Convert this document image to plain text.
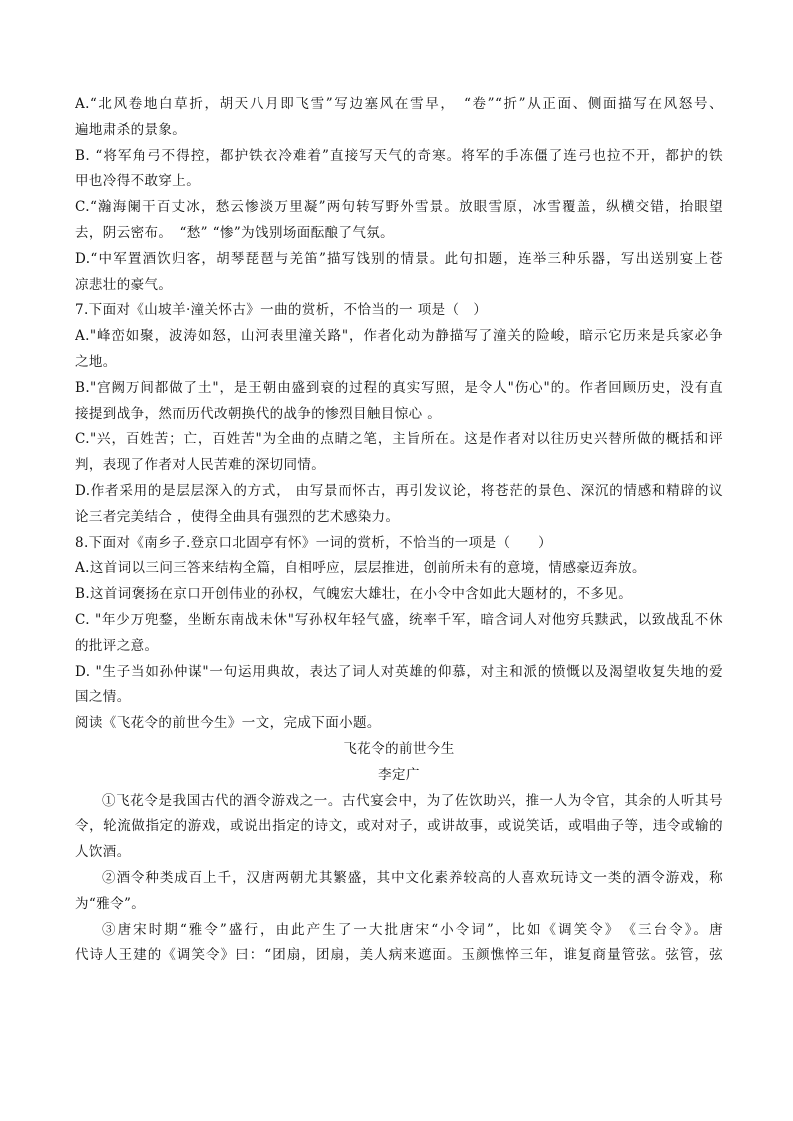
A.“北风卷地白草折，胡天八月即飞雪”写边塞风在雪早，　“卷”“折”从正面、侧面描写在风怒号、
遍地肃杀的景象。
B. “将军角弓不得控，都护铁衣冷难着”直接写天气的奇寒。将军的手冻僵了连弓也拉不开，都护的铁
甲也冷得不敢穿上。
C.“瀚海阑干百丈冰，愁云惨淡万里凝”两句转写野外雪景。放眼雪原，冰雪覆盖，纵横交错，抬眼望
去，阴云密布。　“愁” “惨”为饯别场面酝酿了气氛。
D.“中军置酒饮归客，胡琴琵琶与羌笛”描写饯别的情景。此句扣题，连举三种乐器，写出送别宴上苍
凉悲壮的豪气。
7.下面对《山坡羊·潼关怀古》一曲的赏析，不恰当的一 项是（　）
A."峰峦如聚，波涛如怒，山河表里潼关路"，作者化动为静描写了潼关的险峻，暗示它历来是兵家必争
之地。
B."宫阙万间都做了土"，是王朝由盛到衰的过程的真实写照，是令人"伤心"的。作者回顾历史，没有直
接提到战争，然而历代改朝换代的战争的惨烈目触目惊心 。
C."兴，百姓苦；亡，百姓苦"为全曲的点睛之笔，主旨所在。这是作者对以往历史兴替所做的概括和评
判，表现了作者对人民苦难的深切同情。
D.作者采用的是层层深入的方式， 由写景而怀古，再引发议论，将苍茫的景色、深沉的情感和精辟的议
论三者完美结合 ，使得全曲具有强烈的艺术感染力。
8.下面对《南乡子.登京口北固亭有怀》一词的赏析，不恰当的一项是（　　）
A.这首词以三问三答来结构全篇，自相呼应，层层推进，创前所未有的意境，情感豪迈奔放。
B.这首词褒扬在京口开创伟业的孙权，气魄宏大雄壮，在小令中含如此大题材的，不多见。
C. "年少万兜鍪，坐断东南战未休"写孙权年轻气盛，统率千军，暗含词人对他穷兵黩武，以致战乱不休
的批评之意。
D. "生子当如孙仲谋"一句运用典故，表达了词人对英雄的仰慕，对主和派的愤慨以及渴望收复失地的爱
国之情。
阅读《飞花令的前世今生》一文，完成下面小题。
飞花令的前世今生
李定广
①飞花令是我国古代的酒令游戏之一。古代宴会中，为了佐饮助兴，推一人为令官，其余的人听其号
令，轮流做指定的游戏，或说出指定的诗文，或对对子，或讲故事，或说笑话，或唱曲子等，违令或输的
人饮酒。
②酒令种类成百上千，汉唐两朝尤其繁盛，其中文化素养较高的人喜欢玩诗文一类的酒令游戏，称
为“雅令”。
③唐宋时期“雅令”盛行，由此产生了一大批唐宋“小令词”，比如《调笑令》　《三台令》。唐
代诗人王建的《调笑令》曰：“团扇，团扇，美人病来遮面。玉颜憔悴三年，谁复商量管弦。弦管，弦
